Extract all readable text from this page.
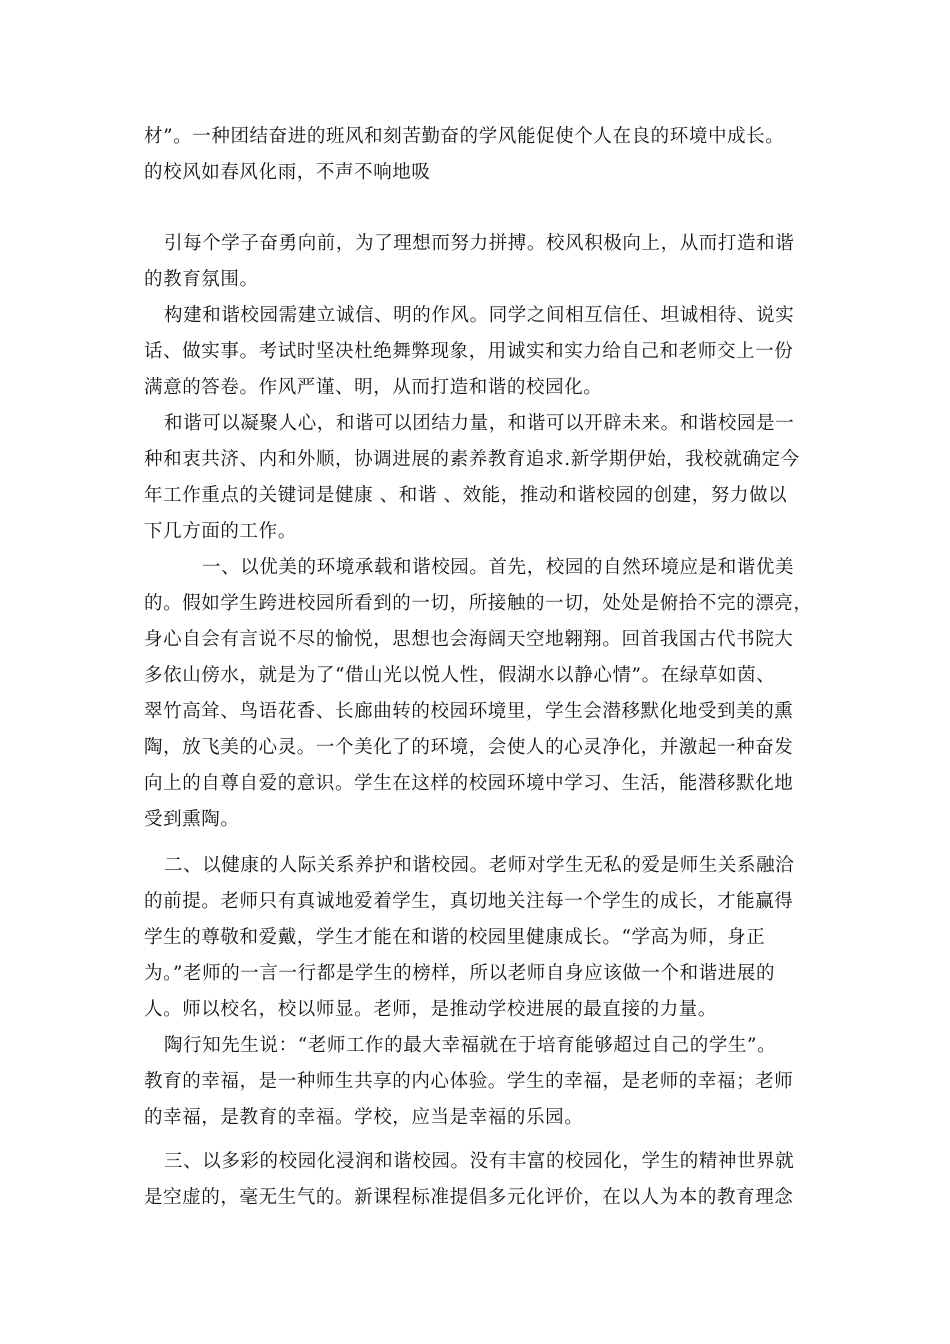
材”。一种团结奋进的班风和刻苦勤奋的学风能促使个人在良的环境中成长。
的校风如春风化雨，不声不响地吸
引每个学子奋勇向前，为了理想而努力拼搏。校风积极向上，从而打造和谐
的教育氛围。
构建和谐校园需建立诚信、明的作风。同学之间相互信任、坦诚相待、说实
话、做实事。考试时坚决杜绝舞弊现象，用诚实和实力给自己和老师交上一份
满意的答卷。作风严谨、明，从而打造和谐的校园化。
和谐可以凝聚人心，和谐可以团结力量，和谐可以开辟未来。和谐校园是一
种和衷共济、内和外顺，协调进展的素养教育追求.新学期伊始，我校就确定今
年工作重点的关键词是健康 、和谐 、效能，推动和谐校园的创建，努力做以
下几方面的工作。
一、以优美的环境承载和谐校园。首先，校园的自然环境应是和谐优美
的。假如学生跨进校园所看到的一切，所接触的一切，处处是俯拾不完的漂亮，
身心自会有言说不尽的愉悦，思想也会海阔天空地翱翔。回首我国古代书院大
多依山傍水，就是为了“借山光以悦人性，假湖水以静心情”。在绿草如茵、
翠竹高耸、鸟语花香、长廊曲转的校园环境里，学生会潜移默化地受到美的熏
陶，放飞美的心灵。一个美化了的环境，会使人的心灵净化，并激起一种奋发
向上的自尊自爱的意识。学生在这样的校园环境中学习、生活，能潜移默化地
受到熏陶。
二、以健康的人际关系养护和谐校园。老师对学生无私的爱是师生关系融洽
的前提。老师只有真诚地爱着学生，真切地关注每一个学生的成长，才能赢得
学生的尊敬和爱戴，学生才能在和谐的校园里健康成长。“学高为师，身正
为。”老师的一言一行都是学生的榜样，所以老师自身应该做一个和谐进展的
人。师以校名，校以师显。老师，是推动学校进展的最直接的力量。
陶行知先生说：“老师工作的最大幸福就在于培育能够超过自己的学生”。
教育的幸福，是一种师生共享的内心体验。学生的幸福，是老师的幸福；老师
的幸福，是教育的幸福。学校，应当是幸福的乐园。
三、以多彩的校园化浸润和谐校园。没有丰富的校园化，学生的精神世界就
是空虚的，毫无生气的。新课程标准提倡多元化评价，在以人为本的教育理念
